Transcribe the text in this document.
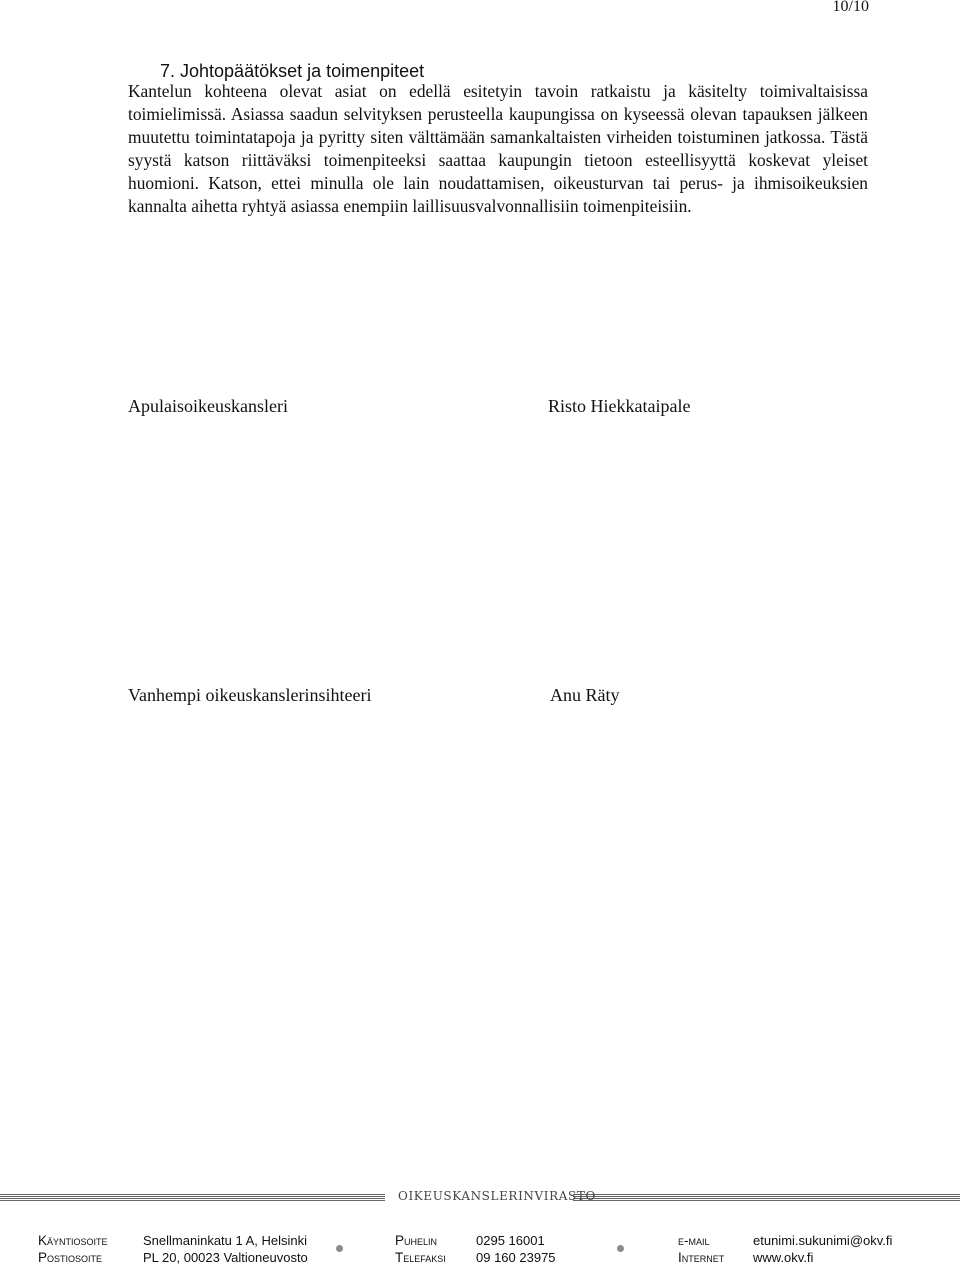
10/10
7. Johtopäätökset ja toimenpiteet

Kantelun kohteena olevat asiat on edellä esitetyin tavoin ratkaistu ja käsitelty toimivaltaisissa toimielimissä. Asiassa saadun selvityksen perusteella kaupungissa on kyseessä olevan tapauksen jälkeen muutettu toimintatapoja ja pyritty siten välttämään samankaltaisten virheiden toistuminen jatkossa. Tästä syystä katson riittäväksi toimenpiteeksi saattaa kaupungin tietoon esteellisyyttä koskevat yleiset huomioni. Katson, ettei minulla ole lain noudattamisen, oikeusturvan tai perus- ja ihmisoikeuksien kannalta aihetta ryhtyä asiassa enempiin laillisuusvalvonnallisiin toimenpiteisiin.

Apulaisoikeuskansleri	Risto Hiekkataipale
Vanhempi oikeuskanslerinsihteeri	Anu Räty
OIKEUSKANSLERINVIRASTO
Käyntiosoite	Snellmaninkatu 1 A, Helsinki
Postiosoite	PL 20, 00023 Valtioneuvosto
Puhelin	0295 16001
Telefaksi 09 160 23975
e-mail	etunimi.sukunimi@okv.fi
Internet www.okv.fi
